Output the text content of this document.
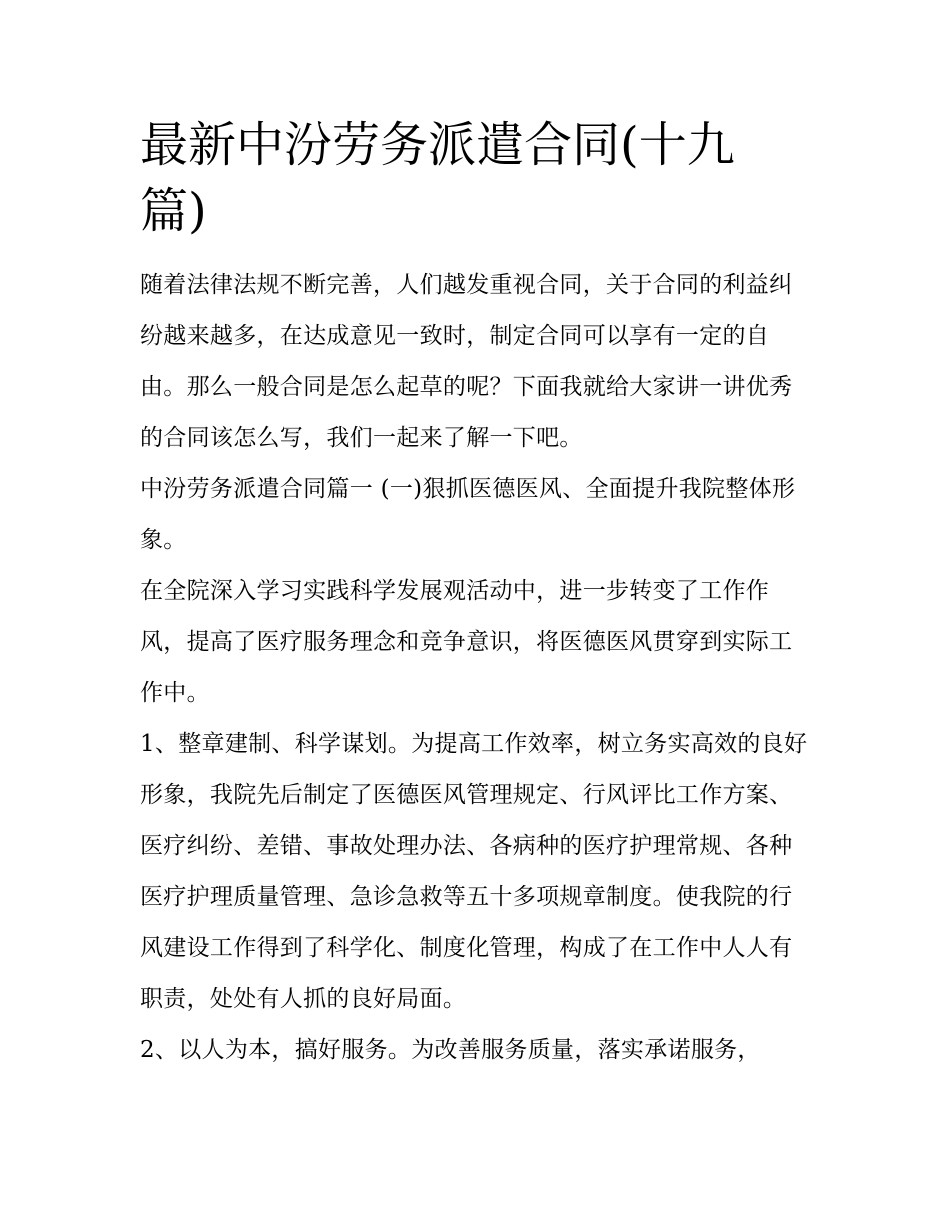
最新中汾劳务派遣合同(十九篇)

随着法律法规不断完善，人们越发重视合同，关于合同的利益纠纷越来越多，在达成意见一致时，制定合同可以享有一定的自由。那么一般合同是怎么起草的呢？下面我就给大家讲一讲优秀的合同该怎么写，我们一起来了解一下吧。

中汾劳务派遣合同篇一 (一)狠抓医德医风、全面提升我院整体形象。

在全院深入学习实践科学发展观活动中，进一步转变了工作作风，提高了医疗服务理念和竞争意识，将医德医风贯穿到实际工作中。

1、整章建制、科学谋划。为提高工作效率，树立务实高效的良好形象，我院先后制定了医德医风管理规定、行风评比工作方案、医疗纠纷、差错、事故处理办法、各病种的医疗护理常规、各种医疗护理质量管理、急诊急救等五十多项规章制度。使我院的行风建设工作得到了科学化、制度化管理，构成了在工作中人人有职责，处处有人抓的良好局面。

2、以人为本，搞好服务。为改善服务质量，落实承诺服务，
